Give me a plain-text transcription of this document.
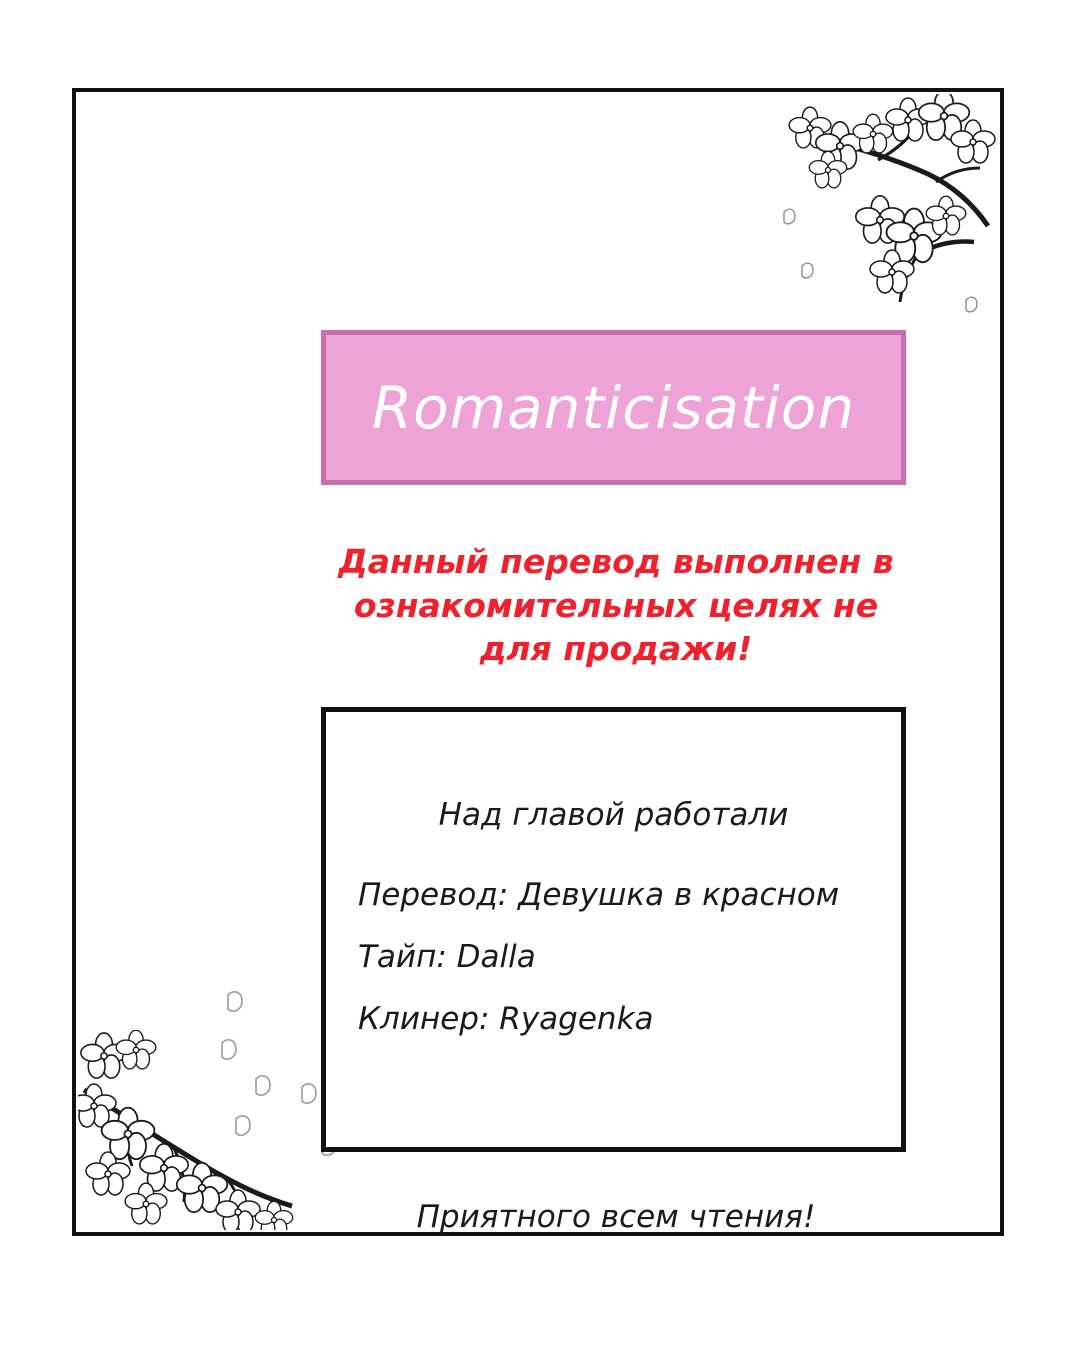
Romanticisation
Данный перевод выполнен в ознакомительных целях не для продажи!
Над главой работали
Перевод: Девушка в красном
Тайп: Dalla
Клинер: Ryagenka
Приятного всем чтения!
